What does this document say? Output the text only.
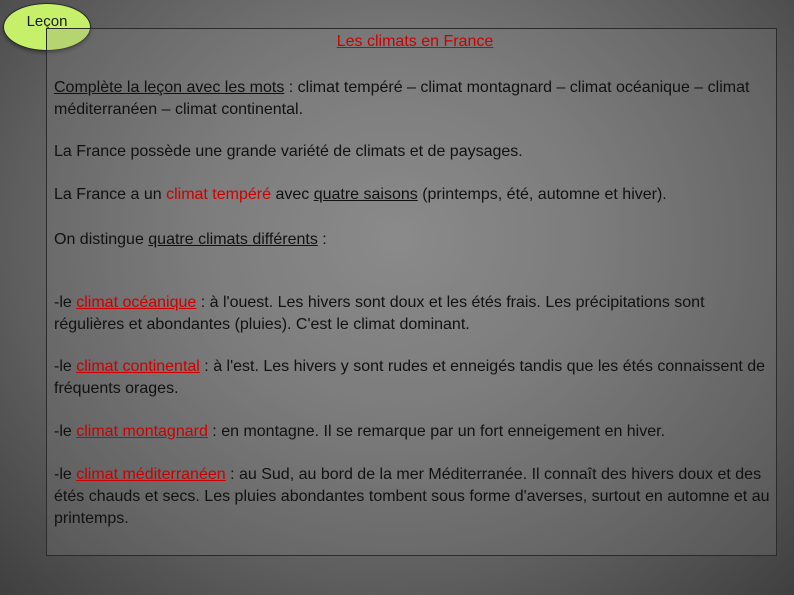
Leçon
Les climats en France
Complète la leçon avec les mots : climat tempéré – climat montagnard – climat océanique – climat méditerranéen – climat continental.
La France possède une grande variété de climats et de paysages.
La France a un climat tempéré avec quatre saisons (printemps, été, automne et hiver).
On distingue quatre climats différents :
-le climat océanique : à l'ouest. Les hivers sont doux et les étés frais. Les précipitations sont régulières et abondantes (pluies). C'est le climat dominant.
-le climat continental : à l'est. Les hivers y sont rudes et enneigés tandis que les étés connaissent de fréquents orages.
-le climat montagnard : en montagne. Il se remarque par un fort enneigement en hiver.
-le climat méditerranéen : au Sud, au bord de la mer Méditerranée. Il connaît des hivers doux et des étés chauds et secs. Les pluies abondantes tombent sous forme d'averses, surtout en automne et au printemps.
